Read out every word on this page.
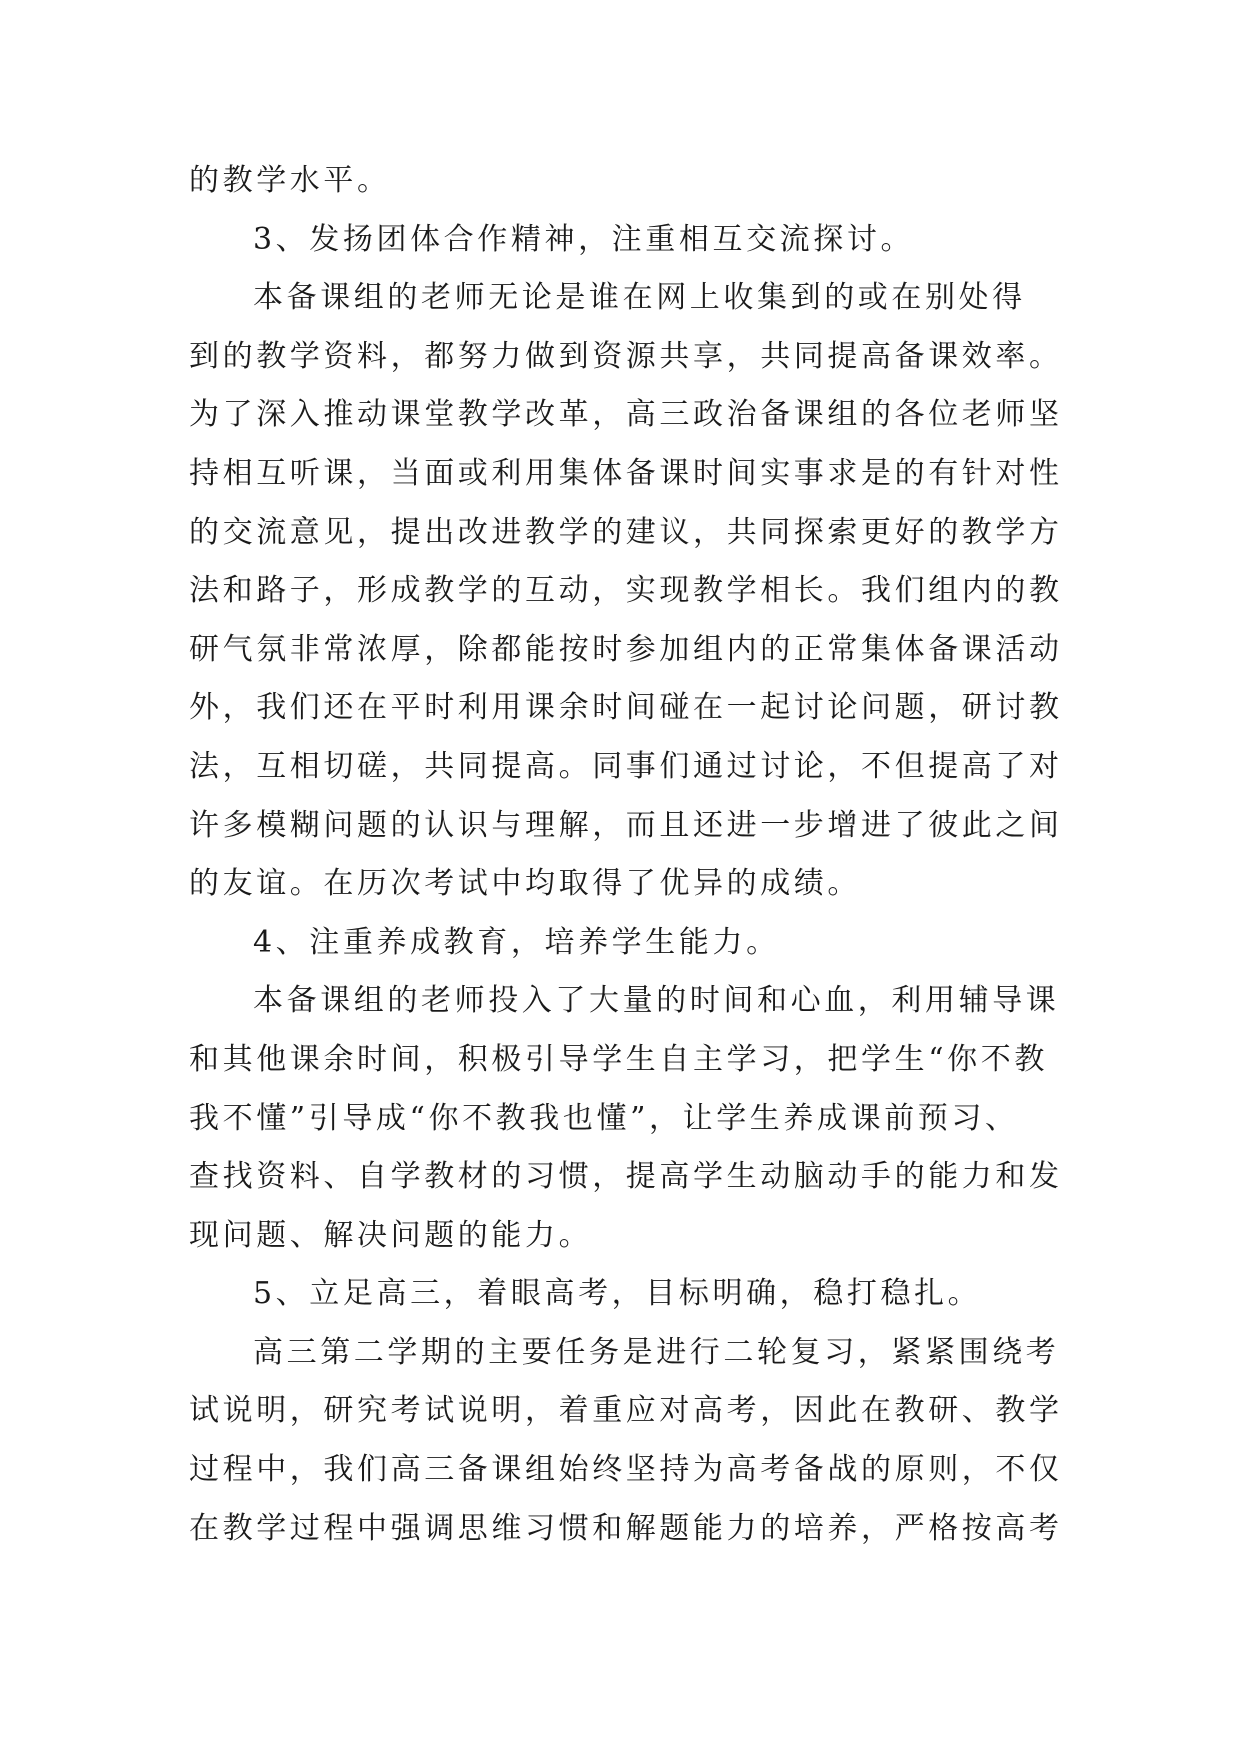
的教学水平。
3、发扬团体合作精神，注重相互交流探讨。
本备课组的老师无论是谁在网上收集到的或在别处得
到的教学资料，都努力做到资源共享，共同提高备课效率。
为了深入推动课堂教学改革，高三政治备课组的各位老师坚
持相互听课，当面或利用集体备课时间实事求是的有针对性
的交流意见，提出改进教学的建议，共同探索更好的教学方
法和路子，形成教学的互动，实现教学相长。我们组内的教
研气氛非常浓厚，除都能按时参加组内的正常集体备课活动
外，我们还在平时利用课余时间碰在一起讨论问题，研讨教
法，互相切磋，共同提高。同事们通过讨论，不但提高了对
许多模糊问题的认识与理解，而且还进一步增进了彼此之间
的友谊。在历次考试中均取得了优异的成绩。
4、注重养成教育，培养学生能力。
本备课组的老师投入了大量的时间和心血，利用辅导课
和其他课余时间，积极引导学生自主学习，把学生“你不教
我不懂”引导成“你不教我也懂”，让学生养成课前预习、
查找资料、自学教材的习惯，提高学生动脑动手的能力和发
现问题、解决问题的能力。
5、立足高三，着眼高考，目标明确，稳打稳扎。
高三第二学期的主要任务是进行二轮复习，紧紧围绕考
试说明，研究考试说明，着重应对高考，因此在教研、教学
过程中，我们高三备课组始终坚持为高考备战的原则，不仅
在教学过程中强调思维习惯和解题能力的培养，严格按高考
